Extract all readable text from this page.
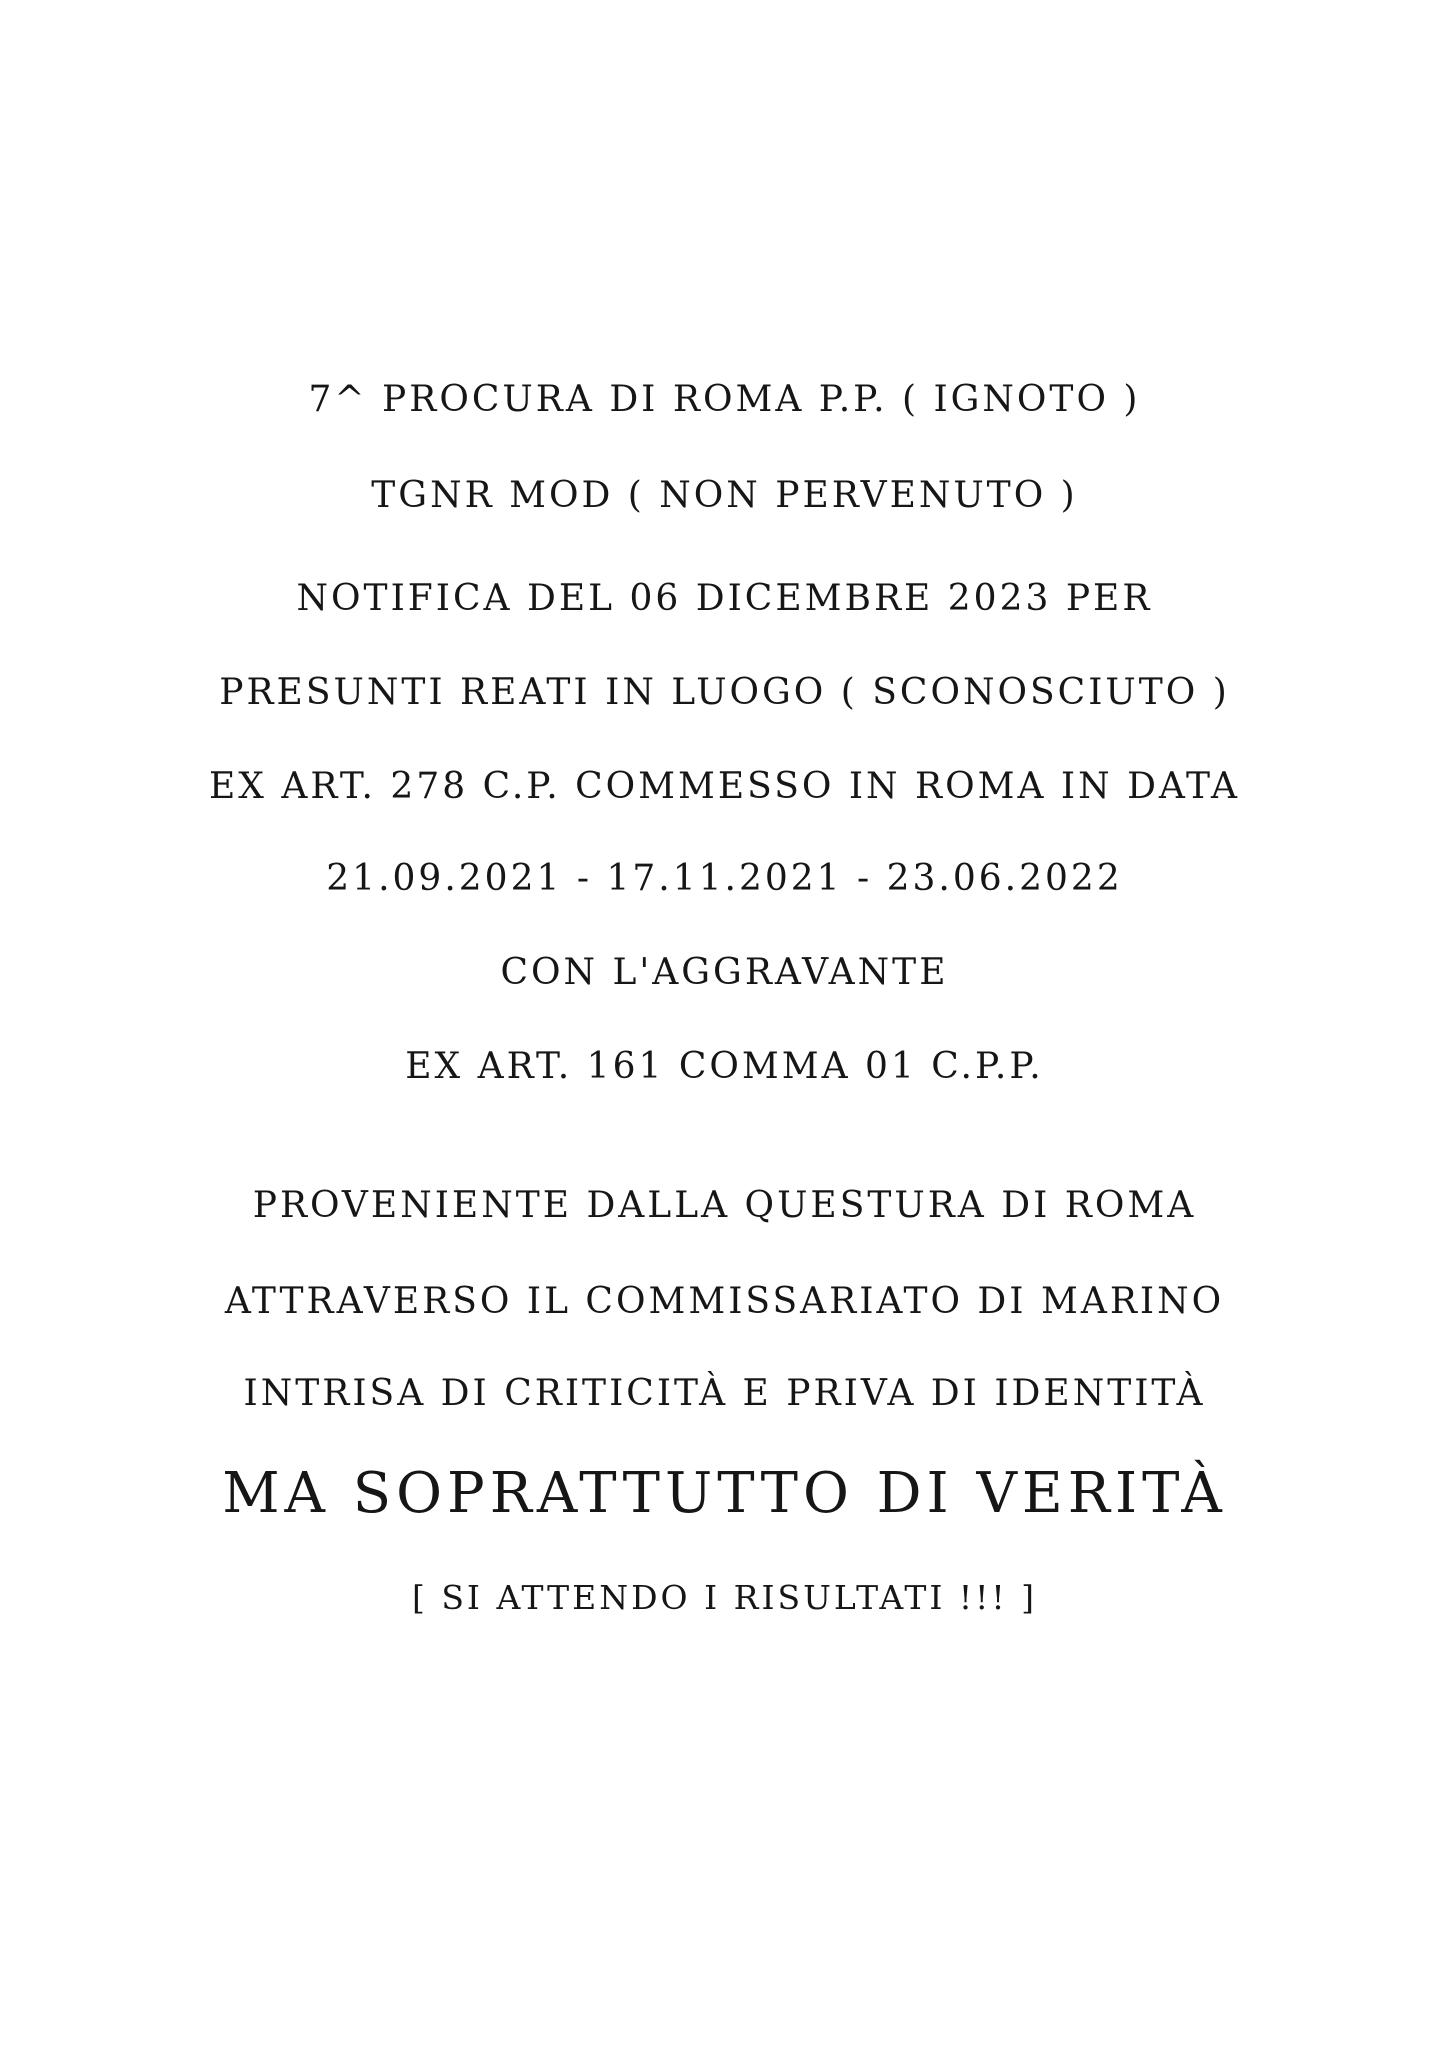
7^ PROCURA DI ROMA P.P. ( IGNOTO )
TGNR MOD ( NON PERVENUTO )
NOTIFICA DEL 06 DICEMBRE 2023 PER
PRESUNTI REATI IN LUOGO ( SCONOSCIUTO )
EX ART. 278 C.P. COMMESSO IN ROMA IN DATA
21.09.2021 - 17.11.2021 - 23.06.2022
CON L'AGGRAVANTE
EX ART. 161 COMMA 01 C.P.P.
PROVENIENTE DALLA QUESTURA DI ROMA
ATTRAVERSO IL COMMISSARIATO DI MARINO
INTRISA DI CRITICITÀ E PRIVA DI IDENTITÀ
MA SOPRATTUTTO DI VERITÀ
[ SI ATTENDO I RISULTATI !!! ]
